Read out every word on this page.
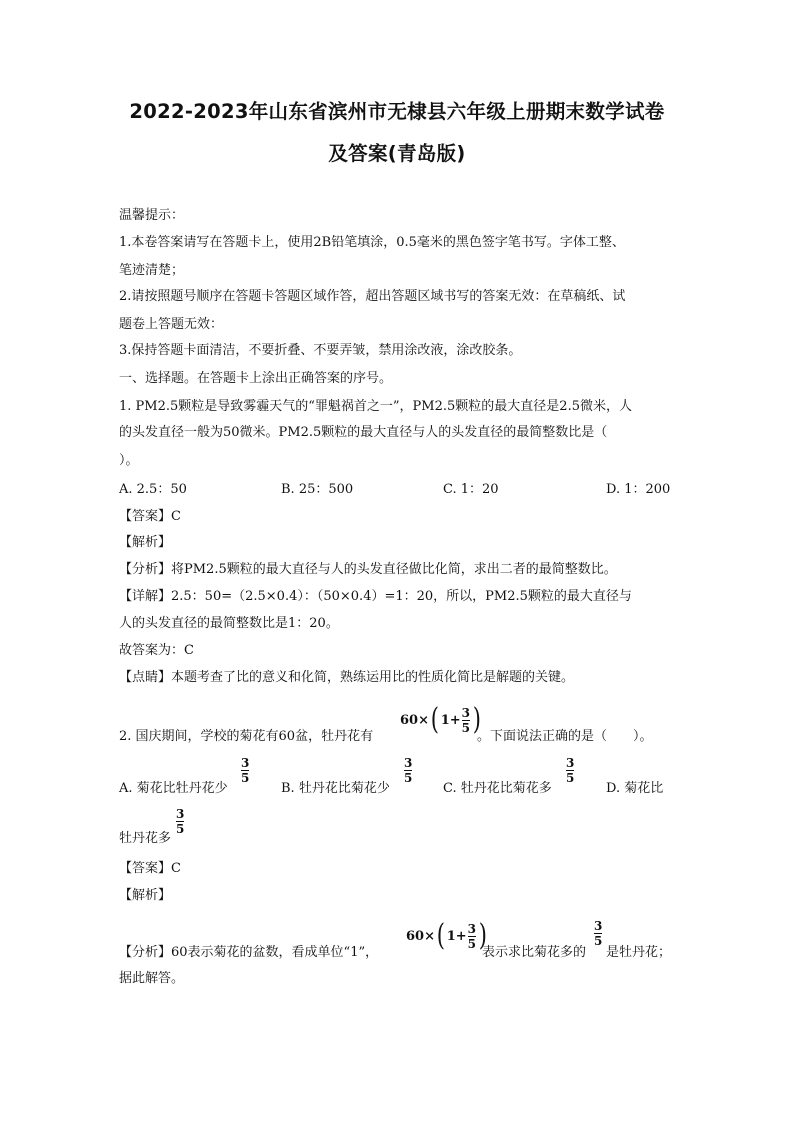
2022-2023年山东省滨州市无棣县六年级上册期末数学试卷
及答案(青岛版)
温馨提示：
1.本卷答案请写在答题卡上，使用2B铅笔填涂，0.5毫米的黑色签字笔书写。字体工整、
笔迹清楚；
2.请按照题号顺序在答题卡答题区域作答，超出答题区域书写的答案无效：在草稿纸、试
题卷上答题无效：
3.保持答题卡面清洁，不要折叠、不要弄皱，禁用涂改液，涂改胶条。
一、选择题。在答题卡上涂出正确答案的序号。
1. PM2.5颗粒是导致雾霾天气的“罪魁祸首之一”，PM2.5颗粒的最大直径是2.5微米，人
的头发直径一般为50微米。PM2.5颗粒的最大直径与人的头发直径的最简整数比是（
）。
A. 2.5：50	B. 25：500	C. 1：20	D. 1：200
【答案】C
【解析】
【分析】将PM2.5颗粒的最大直径与人的头发直径做比化简，求出二者的最简整数比。
【详解】2.5：50=（2.5×0.4）：（50×0.4）=1：20，所以，PM2.5颗粒的最大直径与
人的头发直径的最简整数比是1：20。
故答案为：C
【点睛】本题考查了比的意义和化简，熟练运用比的性质化简比是解题的关键。
2. 国庆期间，学校的菊花有60盆，牡丹花有
60× ( $1+ \frac{3}{5}$ )
。下面说法正确的是（　　）。
A. 菊花比牡丹花少
3
5
B. 牡丹花比菊花少
3
5
C. 牡丹花比菊花多
3
5
D. 菊花比
牡丹花多
3
5
【答案】C
【解析】
【分析】60表示菊花的盆数，看成单位“1”，
60× ( $1+ \frac{3}{5}$ )
表示求比菊花多的
3
5
是牡丹花；
据此解答。
